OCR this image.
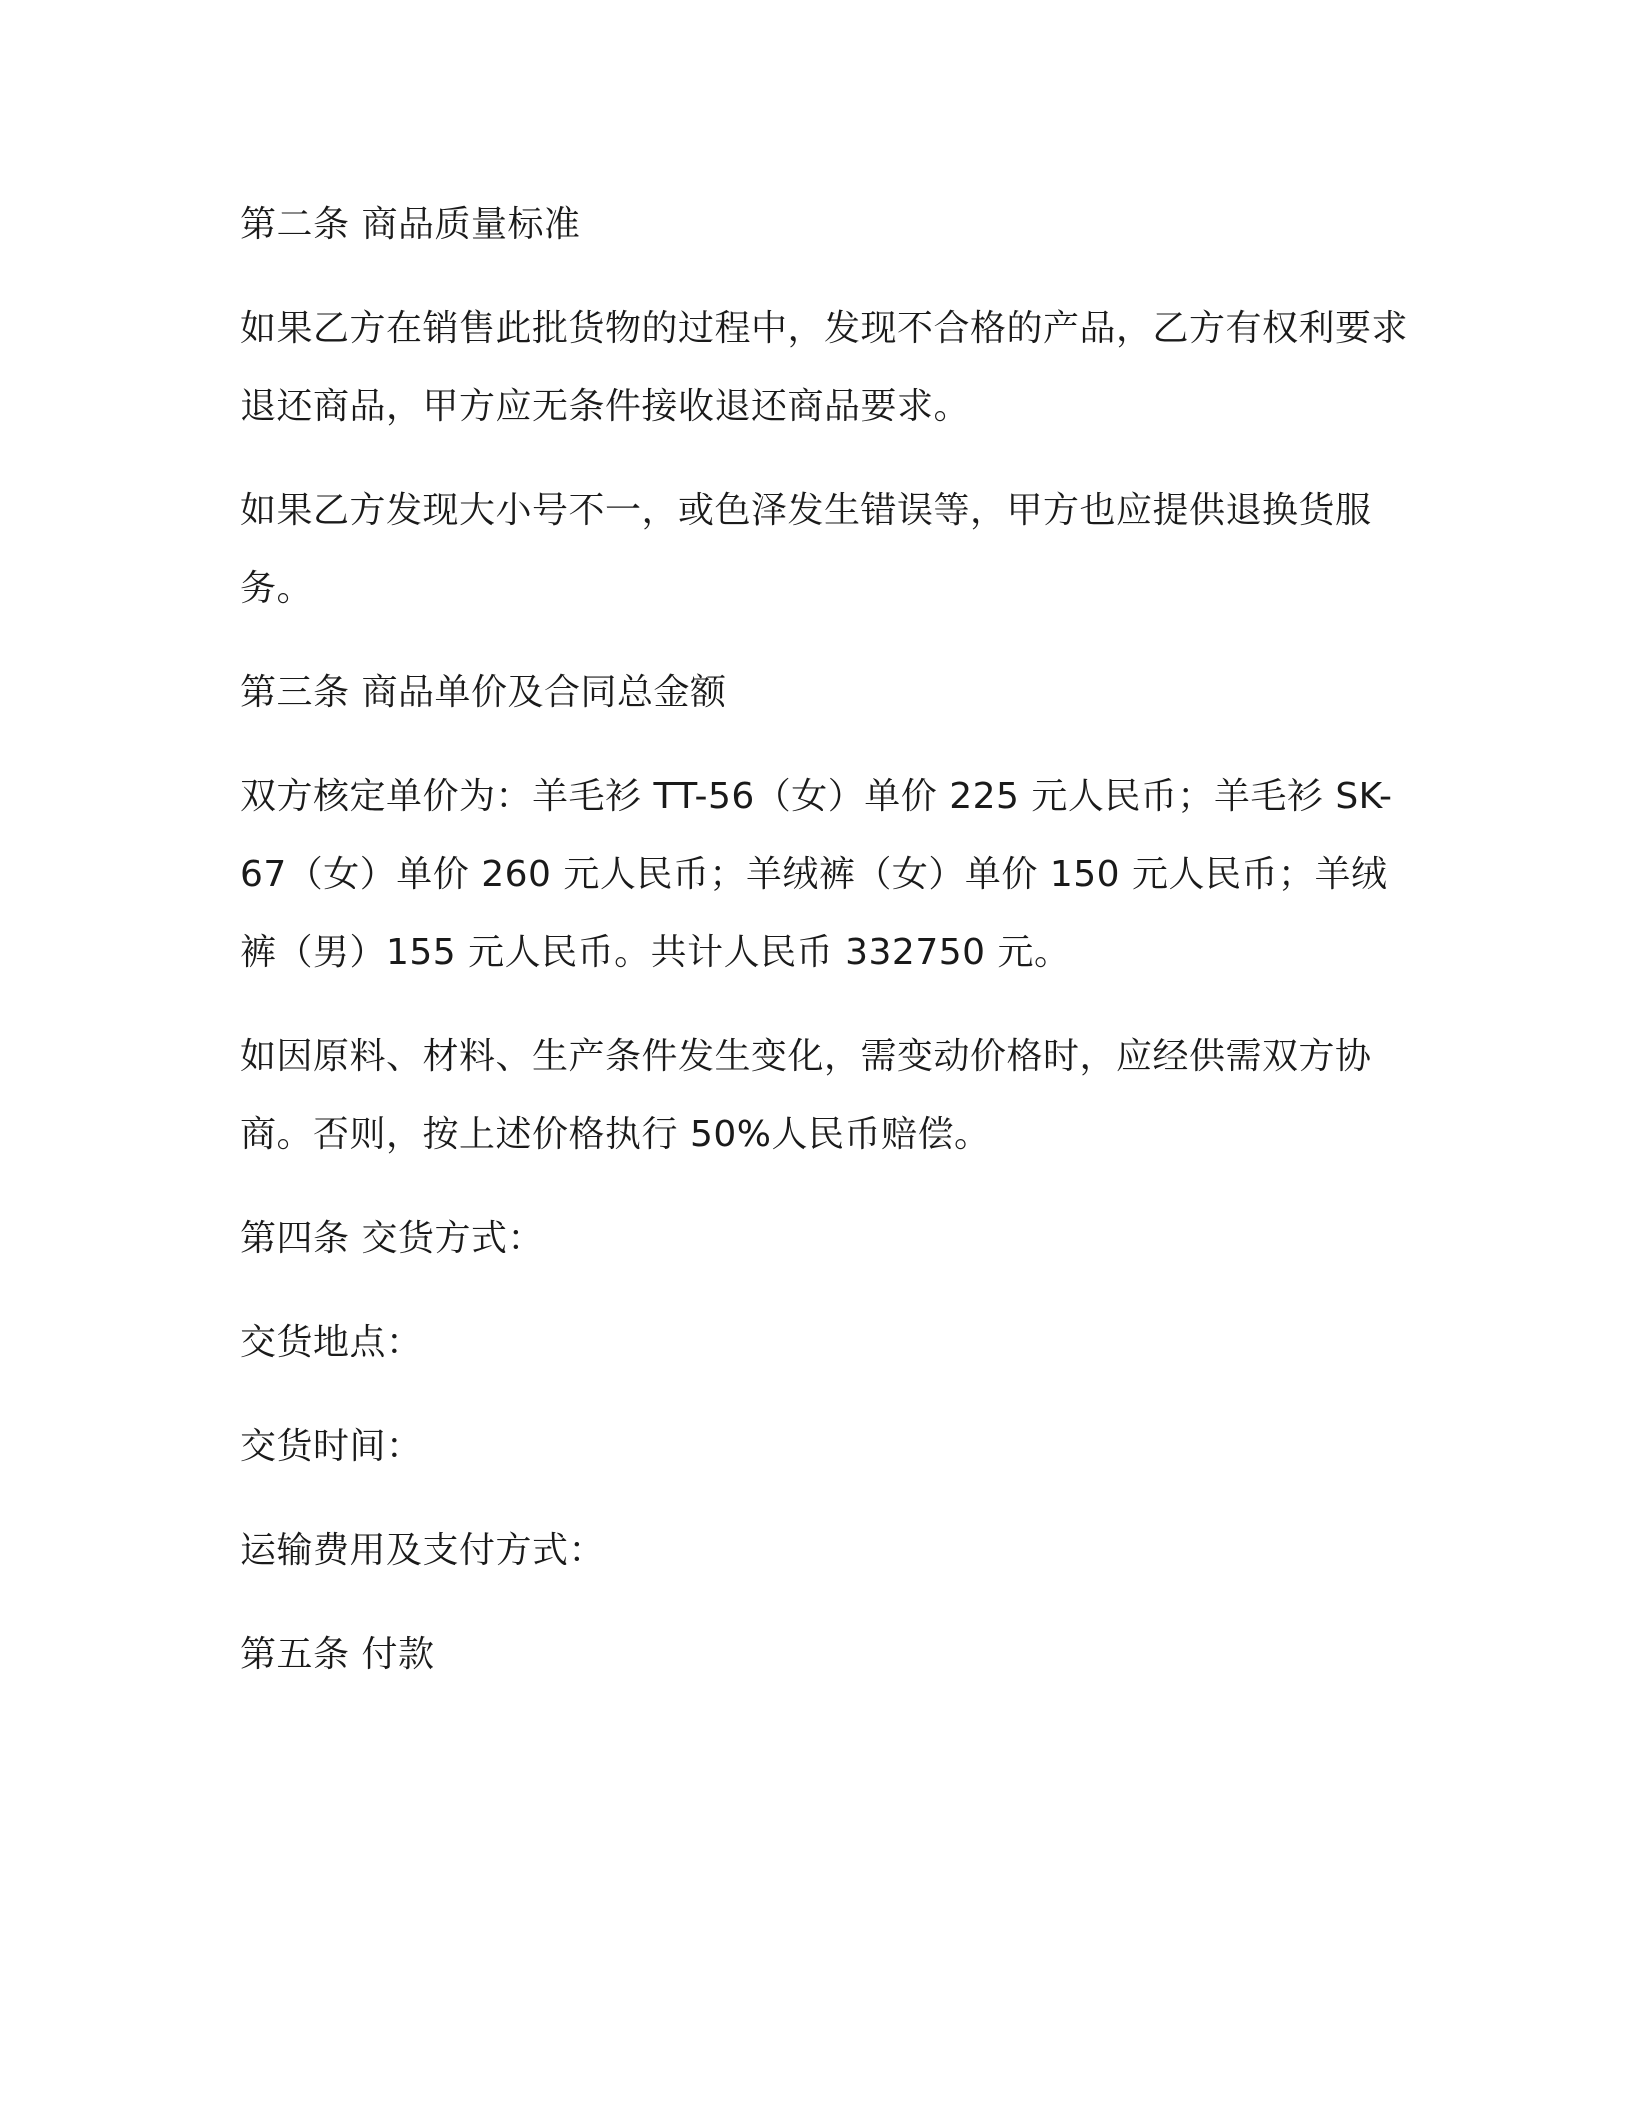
第二条 商品质量标准

如果乙方在销售此批货物的过程中，发现不合格的产品，乙方有权利要求退还商品，甲方应无条件接收退还商品要求。

如果乙方发现大小号不一，或色泽发生错误等，甲方也应提供退换货服务。

第三条 商品单价及合同总金额

双方核定单价为：羊毛衫 TT-56（女）单价 225 元人民币；羊毛衫 SK-67（女）单价 260 元人民币；羊绒裤（女）单价 150 元人民币；羊绒裤（男）155 元人民币。共计人民币 332750 元。

如因原料、材料、生产条件发生变化，需变动价格时，应经供需双方协商。否则，按上述价格执行 50%人民币赔偿。

第四条 交货方式：

交货地点：

交货时间：

运输费用及支付方式：

第五条 付款
